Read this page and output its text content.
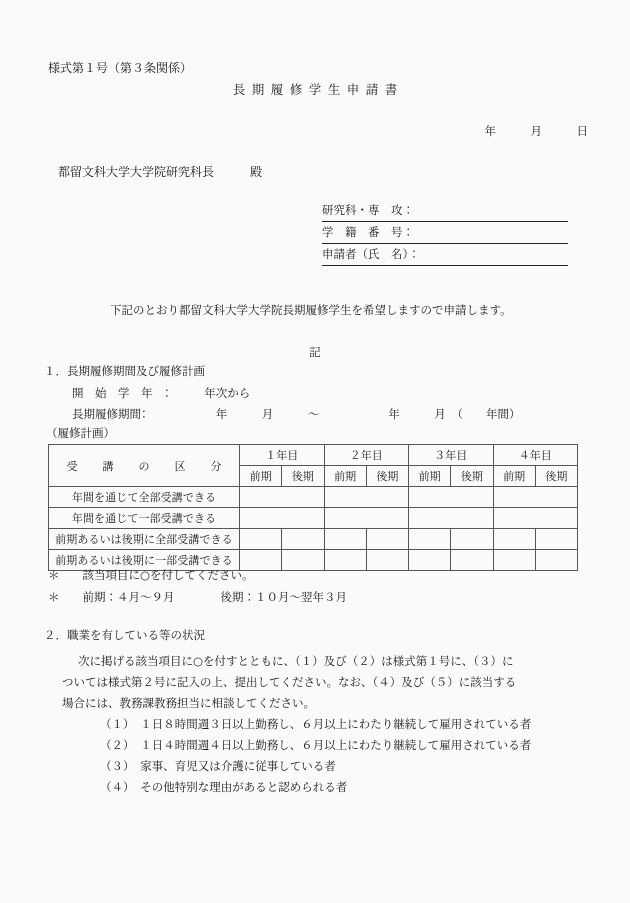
様式第１号（第３条関係）
長期履修学生申請書
年　　　月　　　日
都留文科大学大学院研究科長　　　殿
研究科・専　攻：
学　籍　番　号：
申請者（氏　名）：
下記のとおり都留文科大学大学院長期履修学生を希望しますので申請します。
記
１．長期履修期間及び履修計画
開　始　学　年　：　　　年次から
長期履修期間：　　　　　　年　　　月　　　〜　　　　　　年　　　月　（　　年間）
（履修計画）
受　講　の　区　分	１年目		２年目		３年目		４年目	
	前期	後期	前期	後期	前期	後期	前期	後期
年間を通じて全部受講できる								
年間を通じて一部受講できる								
前期あるいは後期に全部受講できる								
前期あるいは後期に一部受講できる								
＊　　該当項目に○を付してください。
＊　　前期：４月〜９月　　　　後期：１０月〜翌年３月
２．職業を有している等の状況
次に掲げる該当項目に○を付すとともに、（１）及び（２）は様式第１号に、（３）に
ついては様式第２号に記入の上、提出してください。なお、（４）及び（５）に該当する
場合には、教務課教務担当に相談してください。
（１）　１日８時間週３日以上勤務し、６月以上にわたり継続して雇用されている者
（２）　１日４時間週４日以上勤務し、６月以上にわたり継続して雇用されている者
（３）　家事、育児又は介護に従事している者
（４）　その他特別な理由があると認められる者
